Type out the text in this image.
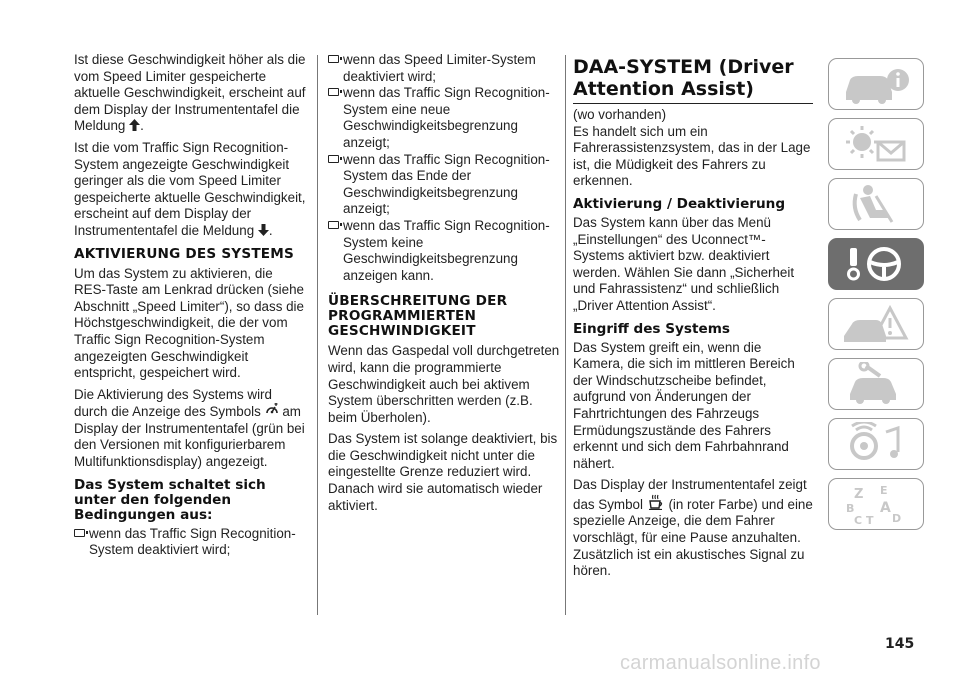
Ist diese Geschwindigkeit höher als die vom Speed Limiter gespeicherte aktuelle Geschwindigkeit, erscheint auf dem Display der Instrumententafel die Meldung .

Ist die vom Traffic Sign Recognition-System angezeigte Geschwindigkeit geringer als die vom Speed Limiter gespeicherte aktuelle Geschwindigkeit, erscheint auf dem Display der Instrumententafel die Meldung .

AKTIVIERUNG DES SYSTEMS

Um das System zu aktivieren, die RES-Taste am Lenkrad drücken (siehe Abschnitt „Speed Limiter“), so dass die Höchstgeschwindigkeit, die der vom Traffic Sign Recognition-System angezeigten Geschwindigkeit entspricht, gespeichert wird.

Die Aktivierung des Systems wird durch die Anzeige des Symbols am Display der Instrumententafel (grün bei den Versionen mit konfigurierbarem Multifunktionsdisplay) angezeigt.

Das System schaltet sich unter den folgenden Bedingungen aus:
wenn das Traffic Sign Recognition-System deaktiviert wird;
wenn das Speed Limiter-System deaktiviert wird;
wenn das Traffic Sign Recognition-System eine neue Geschwindigkeitsbegrenzung anzeigt;
wenn das Traffic Sign Recognition-System das Ende der Geschwindigkeitsbegrenzung anzeigt;
wenn das Traffic Sign Recognition-System keine Geschwindigkeitsbegrenzung anzeigen kann.
ÜBERSCHREITUNG DER PROGRAMMIERTEN GESCHWINDIGKEIT

Wenn das Gaspedal voll durchgetreten wird, kann die programmierte Geschwindigkeit auch bei aktivem System überschritten werden (z.B. beim Überholen).

Das System ist solange deaktiviert, bis die Geschwindigkeit nicht unter die eingestellte Grenze reduziert wird. Danach wird sie automatisch wieder aktiviert.

DAA-SYSTEM (Driver Attention Assist)

(wo vorhanden)

Es handelt sich um ein Fahrerassistenzsystem, das in der Lage ist, die Müdigkeit des Fahrers zu erkennen.

Aktivierung / Deaktivierung

Das System kann über das Menü „Einstellungen“ des Uconnect™-Systems aktiviert bzw. deaktiviert werden. Wählen Sie dann „Sicherheit und Fahrassistenz“ und schließlich „Driver Attention Assist“.

Eingriff des Systems

Das System greift ein, wenn die Kamera, die sich im mittleren Bereich der Windschutzscheibe befindet, aufgrund von Änderungen der Fahrtrichtungen des Fahrzeugs Ermüdungszustände des Fahrers erkennt und sich dem Fahrbahnrand nähert.

Das Display der Instrumententafel zeigt das Symbol (in roter Farbe) und eine spezielle Anzeige, die dem Fahrer vorschlägt, für eine Pause anzuhalten. Zusätzlich ist ein akustisches Signal zu hören.

Z E
B A
C T D
145
carmanualsonline.info
